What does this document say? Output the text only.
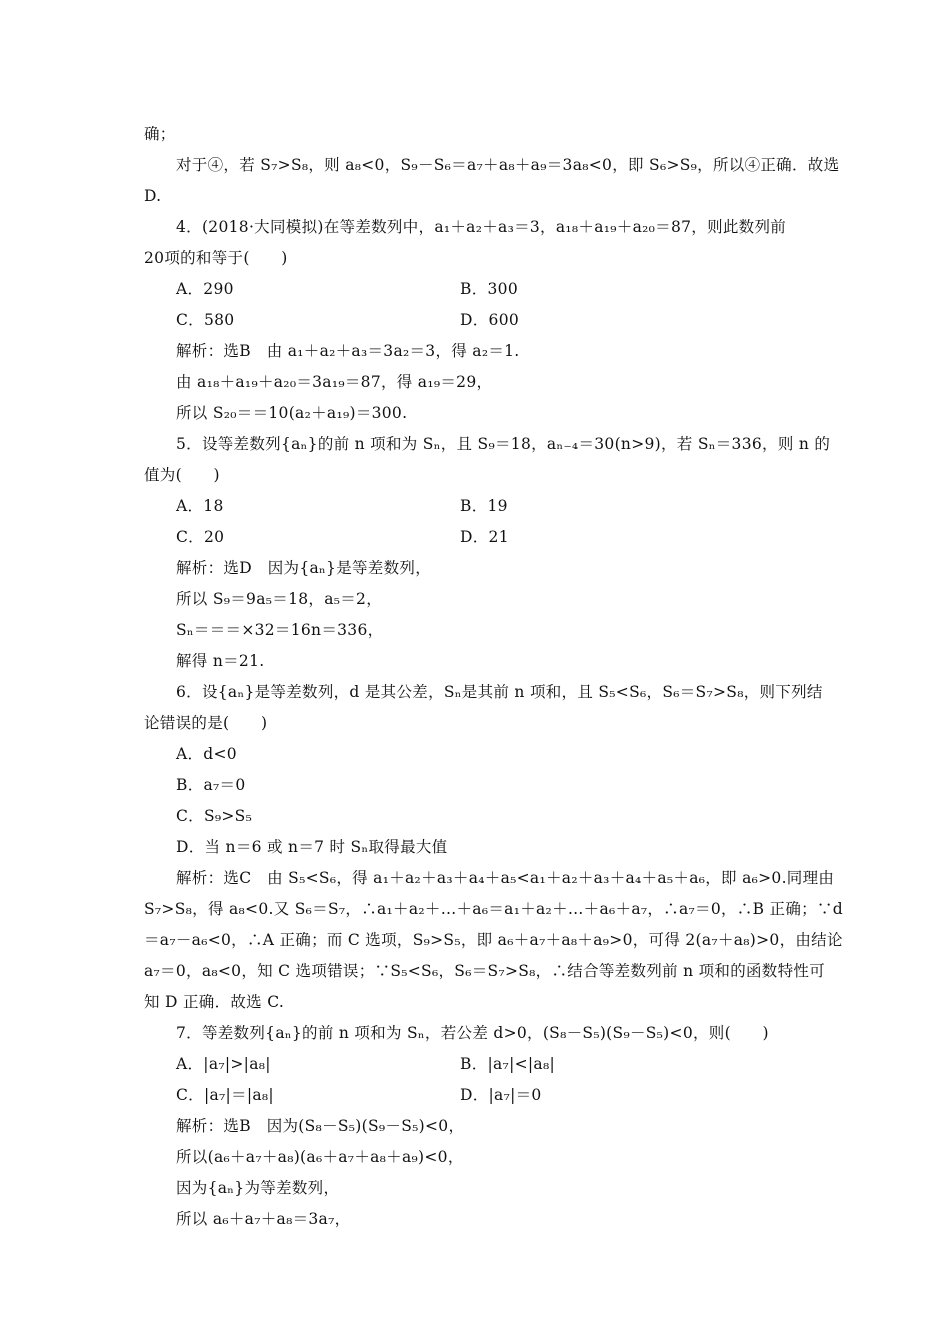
确；
对于④，若 S₇>S₈，则 a₈<0，S₉－S₆＝a₇＋a₈＋a₉＝3a₈<0，即 S₆>S₉，所以④正确．故选
D.
4．(2018·大同模拟)在等差数列中，a₁＋a₂＋a₃＝3，a₁₈＋a₁₉＋a₂₀＝87，则此数列前
20项的和等于(　　)
A．290	B．300
C．580	D．600
解析：选B　由 a₁＋a₂＋a₃＝3a₂＝3，得 a₂＝1.
由 a₁₈＋a₁₉＋a₂₀＝3a₁₉＝87，得 a₁₉＝29，
所以 S₂₀＝＝10(a₂＋a₁₉)＝300.
5．设等差数列{aₙ}的前 n 项和为 Sₙ，且 S₉＝18，aₙ₋₄＝30(n>9)，若 Sₙ＝336，则 n 的
值为(　　)
A．18	B．19
C．20	D．21
解析：选D　因为{aₙ}是等差数列，
所以 S₉＝9a₅＝18，a₅＝2，
Sₙ＝＝＝×32＝16n＝336，
解得 n＝21.
6．设{aₙ}是等差数列，d 是其公差，Sₙ是其前 n 项和，且 S₅<S₆，S₆＝S₇>S₈，则下列结
论错误的是(　　)
A．d<0
B．a₇＝0
C．S₉>S₅
D．当 n＝6 或 n＝7 时 Sₙ取得最大值
解析：选C　由 S₅<S₆，得 a₁＋a₂＋a₃＋a₄＋a₅<a₁＋a₂＋a₃＋a₄＋a₅＋a₆，即 a₆>0.同理由
S₇>S₈，得 a₈<0.又 S₆＝S₇，∴a₁＋a₂＋…＋a₆＝a₁＋a₂＋…＋a₆＋a₇，∴a₇＝0，∴B 正确；∵d
＝a₇－a₆<0，∴A 正确；而 C 选项，S₉>S₅，即 a₆＋a₇＋a₈＋a₉>0，可得 2(a₇＋a₈)>0，由结论
a₇＝0，a₈<0，知 C 选项错误；∵S₅<S₆，S₆＝S₇>S₈，∴结合等差数列前 n 项和的函数特性可
知 D 正确．故选 C.
7．等差数列{aₙ}的前 n 项和为 Sₙ，若公差 d>0，(S₈－S₅)(S₉－S₅)<0，则(　　)
A．|a₇|>|a₈|	B．|a₇|<|a₈|
C．|a₇|＝|a₈|	D．|a₇|＝0
解析：选B　因为(S₈－S₅)(S₉－S₅)<0，
所以(a₆＋a₇＋a₈)(a₆＋a₇＋a₈＋a₉)<0，
因为{aₙ}为等差数列，
所以 a₆＋a₇＋a₈＝3a₇，
